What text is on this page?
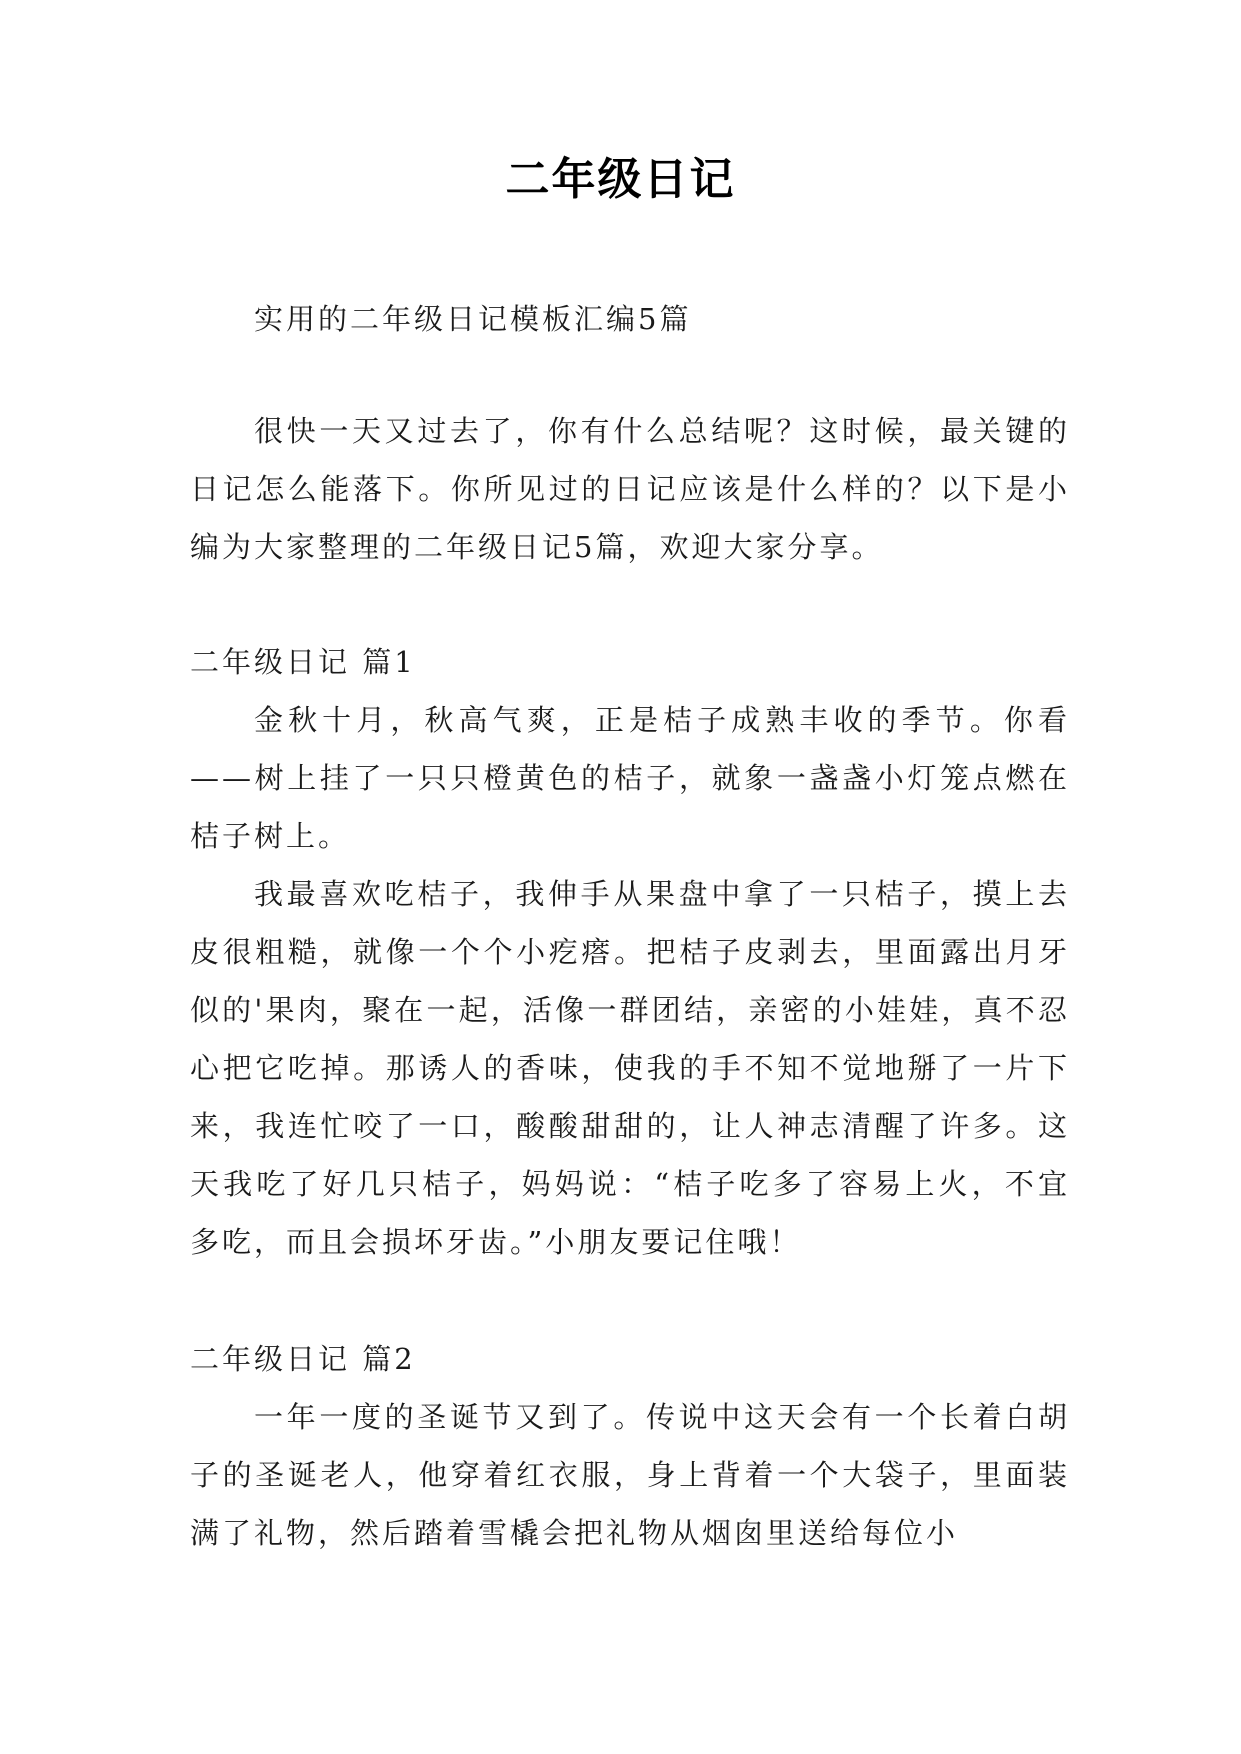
二年级日记

实用的二年级日记模板汇编5篇

很快一天又过去了，你有什么总结呢？这时候，最关键的日记怎么能落下。你所见过的日记应该是什么样的？以下是小编为大家整理的二年级日记5篇，欢迎大家分享。

二年级日记 篇1

金秋十月，秋高气爽，正是桔子成熟丰收的季节。你看——树上挂了一只只橙黄色的桔子，就象一盏盏小灯笼点燃在桔子树上。

我最喜欢吃桔子，我伸手从果盘中拿了一只桔子，摸上去皮很粗糙，就像一个个小疙瘩。把桔子皮剥去，里面露出月牙似的'果肉，聚在一起，活像一群团结，亲密的小娃娃，真不忍心把它吃掉。那诱人的香味，使我的手不知不觉地掰了一片下来，我连忙咬了一口，酸酸甜甜的，让人神志清醒了许多。这天我吃了好几只桔子，妈妈说：“桔子吃多了容易上火，不宜多吃，而且会损坏牙齿。”小朋友要记住哦！

二年级日记 篇2

一年一度的圣诞节又到了。传说中这天会有一个长着白胡子的圣诞老人，他穿着红衣服，身上背着一个大袋子，里面装满了礼物，然后踏着雪橇会把礼物从烟囱里送给每位小
